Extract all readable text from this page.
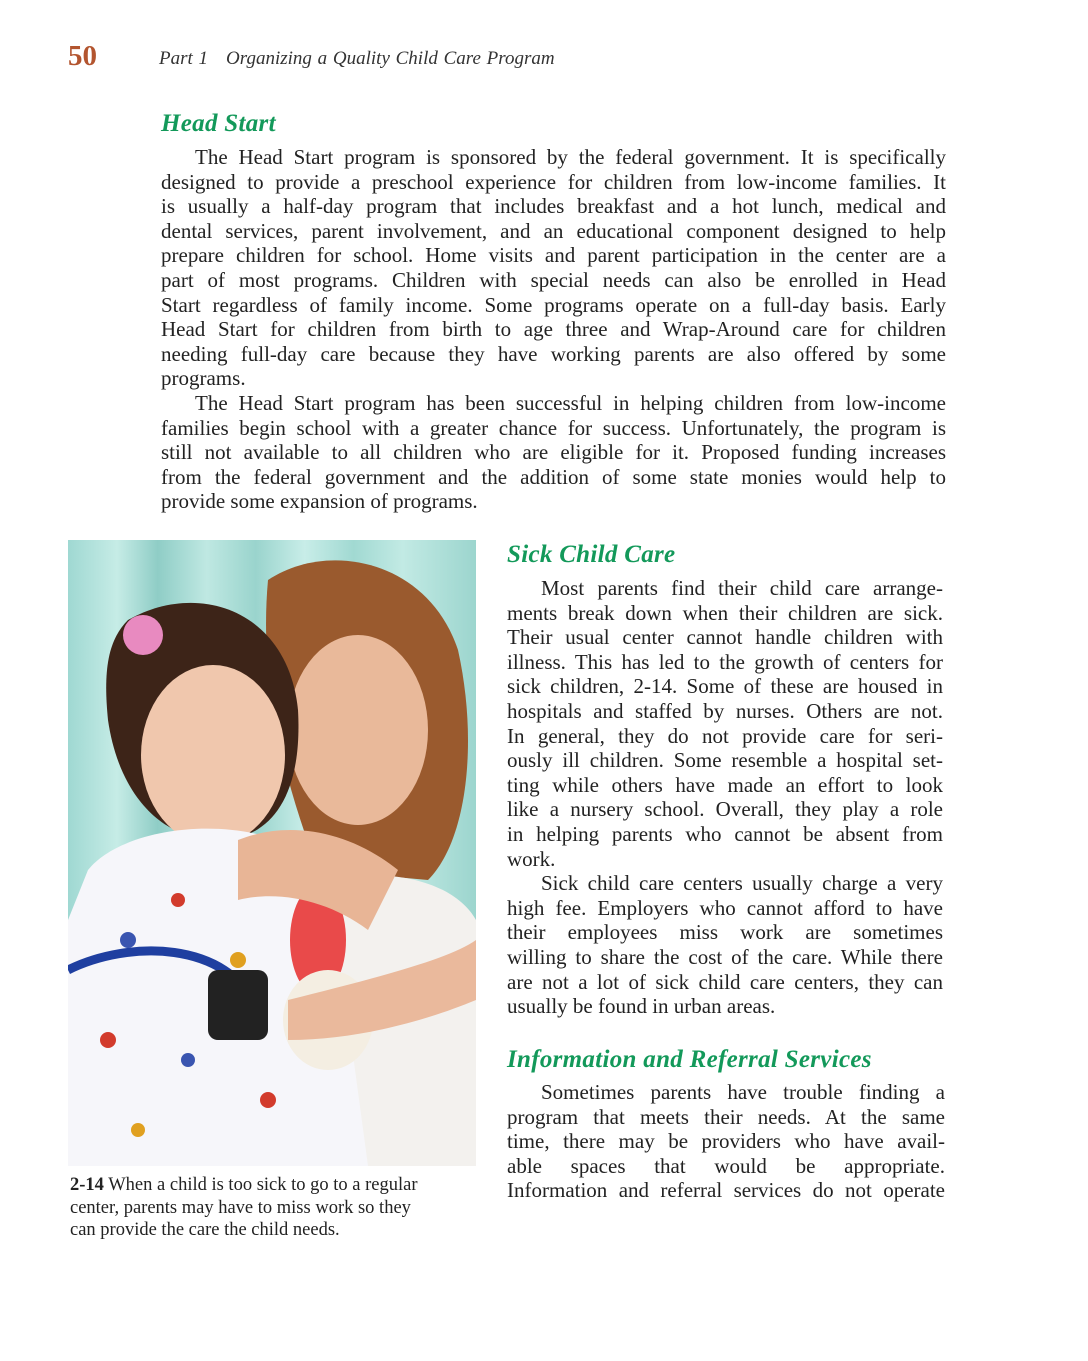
50	Part 1 Organizing a Quality Child Care Program
Head Start
The Head Start program is sponsored by the federal government. It is specifically
designed to provide a preschool experience for children from low-income families. It
is usually a half-day program that includes breakfast and a hot lunch, medical and
dental services, parent involvement, and an educational component designed to help
prepare children for school. Home visits and parent participation in the center are a
part of most programs. Children with special needs can also be enrolled in Head
Start regardless of family income. Some programs operate on a full-day basis. Early
Head Start for children from birth to age three and Wrap-Around care for children
needing full-day care because they have working parents are also offered by some
programs.
The Head Start program has been successful in helping children from low-income
families begin school with a greater chance for success. Unfortunately, the program is
still not available to all children who are eligible for it. Proposed funding increases
from the federal government and the addition of some state monies would help to
provide some expansion of programs.
2-14 When a child is too sick to go to a regular
center, parents may have to miss work so they
can provide the care the child needs.
Sick Child Care
Most parents find their child care arrange-
ments break down when their children are sick.
Their usual center cannot handle children with
illness. This has led to the growth of centers for
sick children, 2-14. Some of these are housed in
hospitals and staffed by nurses. Others are not.
In general, they do not provide care for seri-
ously ill children. Some resemble a hospital set-
ting while others have made an effort to look
like a nursery school. Overall, they play a role
in helping parents who cannot be absent from
work.
Sick child care centers usually charge a very
high fee. Employers who cannot afford to have
their employees miss work are sometimes
willing to share the cost of the care. While there
are not a lot of sick child care centers, they can
usually be found in urban areas.
Information and Referral Services
Sometimes parents have trouble finding a
program that meets their needs. At the same
time, there may be providers who have avail-
able spaces that would be appropriate.
Information and referral services do not operate
